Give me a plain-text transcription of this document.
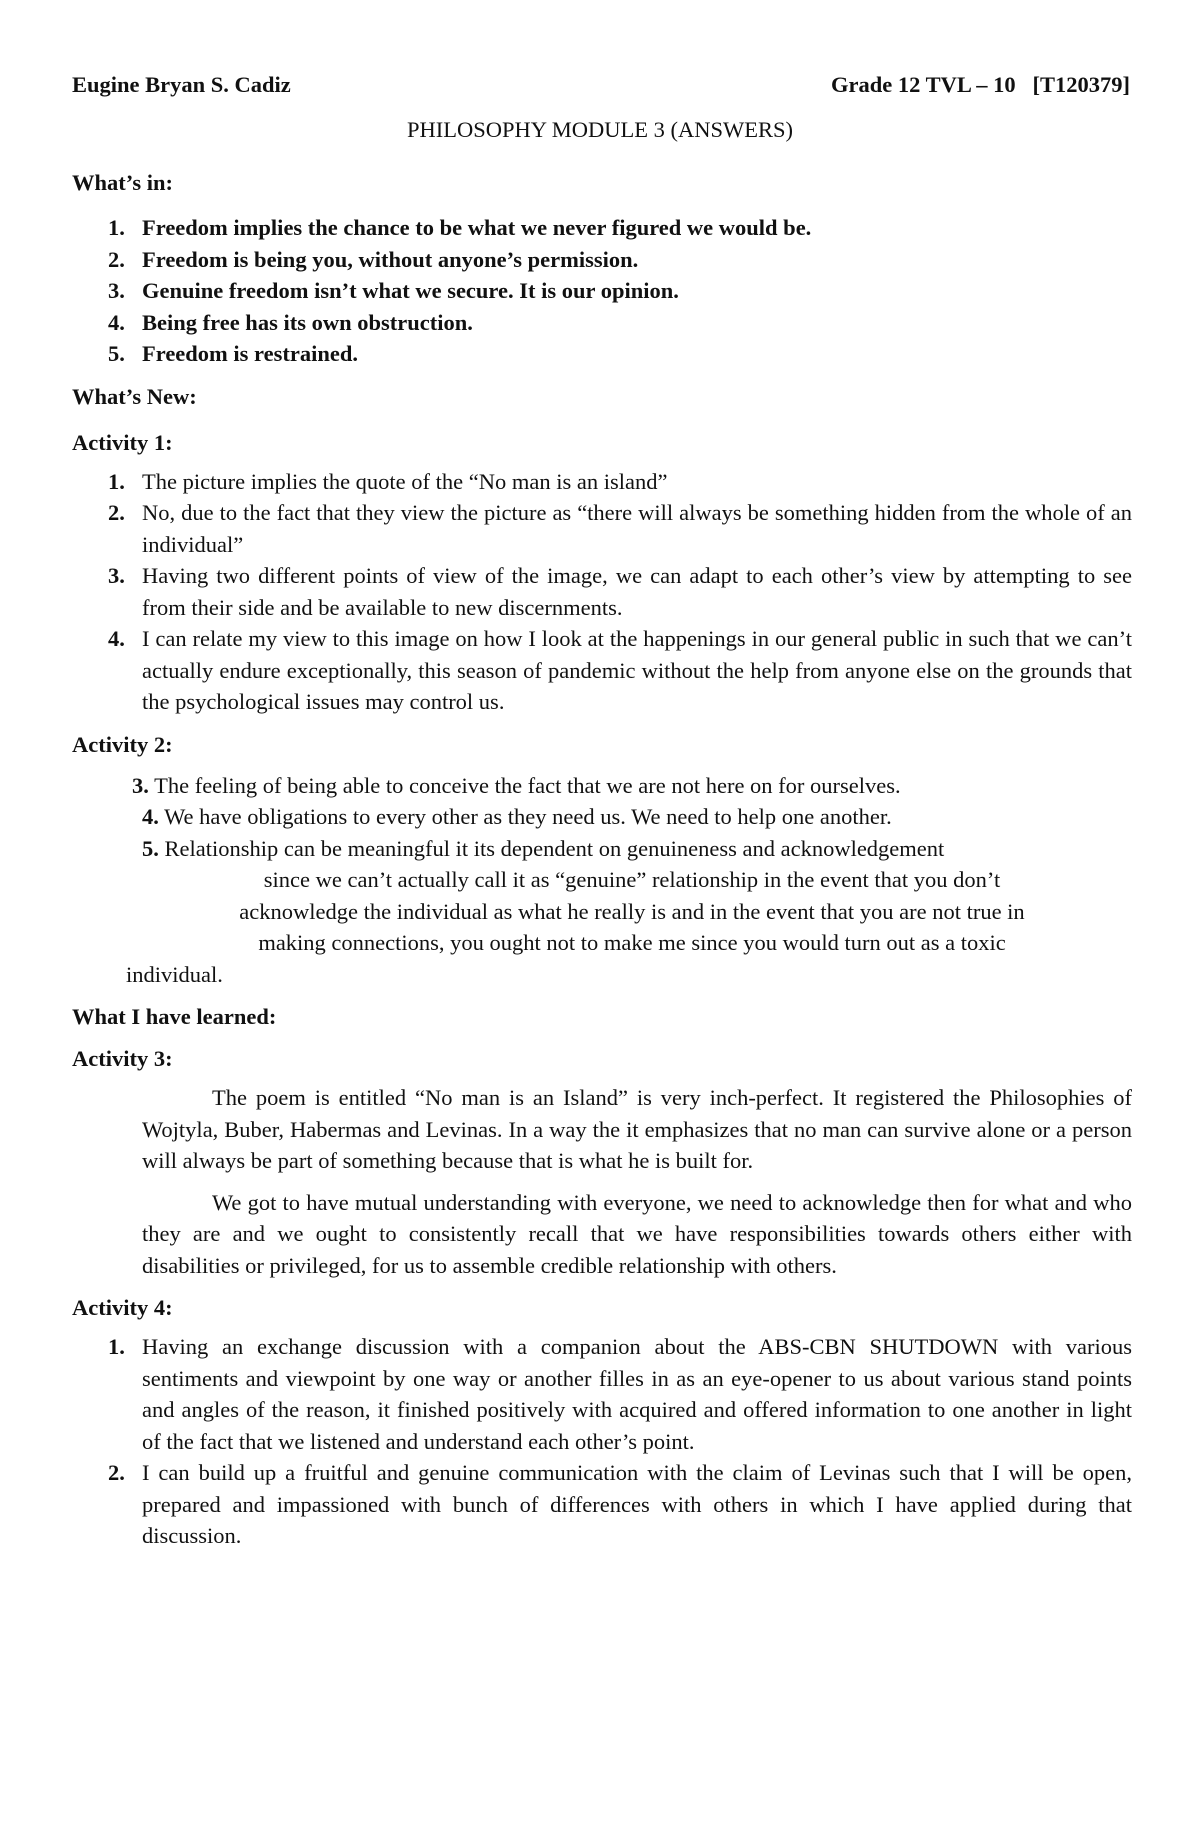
Eugine Bryan S. Cadiz	Grade 12 TVL – 10   [T120379]
PHILOSOPHY MODULE 3 (ANSWERS)

What’s in:

1. Freedom implies the chance to be what we never figured we would be.
2. Freedom is being you, without anyone’s permission.
3. Genuine freedom isn’t what we secure. It is our opinion.
4. Being free has its own obstruction.
5. Freedom is restrained.

What’s New:

Activity 1:

1. The picture implies the quote of the “No man is an island”
2. No, due to the fact that they view the picture as “there will always be something hidden from the whole of an individual”
3. Having two different points of view of the image, we can adapt to each other’s view by attempting to see from their side and be available to new discernments.
4. I can relate my view to this image on how I look at the happenings in our general public in such that we can’t actually endure exceptionally, this season of pandemic without the help from anyone else on the grounds that the psychological issues may control us.

Activity 2:

3. The feeling of being able to conceive the fact that we are not here on for ourselves.

4. We have obligations to every other as they need us. We need to help one another.

5. Relationship can be meaningful it its dependent on genuineness and acknowledgement

since we can’t actually call it as “genuine” relationship in the event that you don’t

acknowledge the individual as what he really is and in the event that you are not true in

making connections, you ought not to make me since you would turn out as a toxic

individual.

What I have learned:

Activity 3:

The poem is entitled “No man is an Island” is very inch-perfect. It registered the Philosophies of Wojtyla, Buber, Habermas and Levinas. In a way the it emphasizes that no man can survive alone or a person will always be part of something because that is what he is built for.

We got to have mutual understanding with everyone, we need to acknowledge then for what and who they are and we ought to consistently recall that we have responsibilities towards others either with disabilities or privileged, for us to assemble credible relationship with others.

Activity 4:

1. Having an exchange discussion with a companion about the ABS-CBN SHUTDOWN with various sentiments and viewpoint by one way or another filles in as an eye-opener to us about various stand points and angles of the reason, it finished positively with acquired and offered information to one another in light of the fact that we listened and understand each other’s point.
2. I can build up a fruitful and genuine communication with the claim of Levinas such that I will be open, prepared and impassioned with bunch of differences with others in which I have applied during that discussion.
